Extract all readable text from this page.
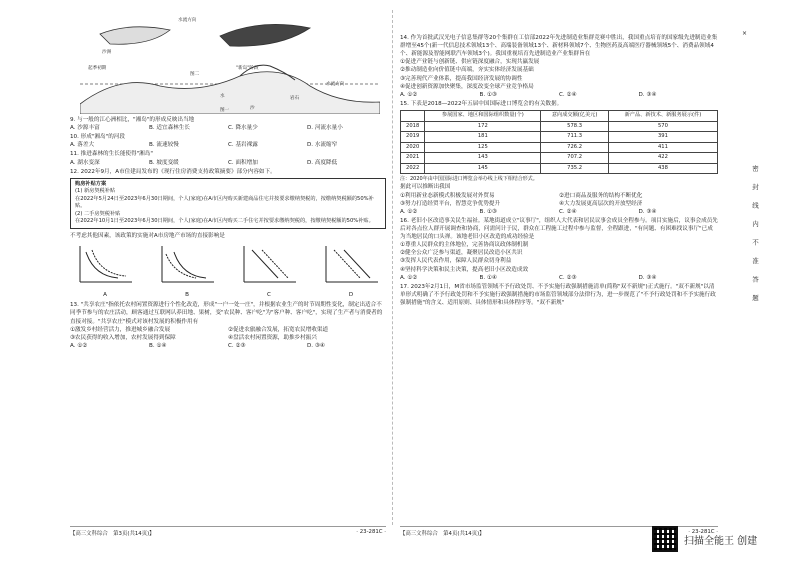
水流方向
沙洲
起季初期	"新岛"阶段
图二
水流方向
水
沙
岩石
图一
9. 与一般的江心洲相比，"湘岛"的形成反映出当地
A. 沙源丰富	B. 适宜森林生长	C. 降水量少	D. 河流水量小
10. 形成"湘岛"的河段
A. 落差大	B. 流速较慢	C. 基岩裸露	D. 水流缩窄
11. 推进森林的生长能使得"湘岛"
A. 湖水变深	B. 坡度变缓	C. 面积增加	D. 高度降低
12. 2022年9月，A市住建局发布的《现行住房消费支持政策摘要》部分内容如下。
购房补贴方案
(1) 新房契税补贴
在2022年5月24日至2023年6月30日期间，个人(家庭)在A市区内购买新建商品住宅并按要求缴纳契税的，按缴纳契税额的50%补贴。
(2) 二手房契税补贴
在2022年10月1日至2023年6月30日期间，个人(家庭)在A市区内购买二手住宅并按要求缴纳契税的，按缴纳契税额的50%补贴。
不考虑其他因素，该政策的实施对A市房地产市场的直接影响是
A	B	C	D
13. "共享农庄"指依托农村闲置资源进行个性化改造，形成"一户一处一庄"，并根据农业生产的时节周期性变化，制定出适合不同季节参与的农庄活动，顾客通过互联网认养田地、果树，变"农民种、客户吃"为"客户种、客户吃"，实现了生产者与消费者的直接对接。"共享农庄"模式对该村发展的积极作用有
①激发乡村经营活力，推进城乡融合发展	②促进农旅融合发展，拓宽农民增收渠道
③农民获得的收入增加，农村发展得到保障	④盘活农村闲置资源，助推乡村振兴
A. ①②	B. ①④	C. ②③	D. ③④
【高三文科综合　第3页(共14页)】	· 23-281C ·
14. 作为首批武汉光电子信息集群等20个集群在工信部2022年先进制造业集群竞赛中胜出，我国重点培育的国家级先进制造业集群增至45个(新一代信息技术领域13个、高端装备领域13个、新材料领域7个、生物医药及高端医疗器械领域5个、消费品领域4个、新能源及智能网联汽车领域3个)。我国重视培育先进制造业产业集群旨在
①促进产业链与创新链、供应链深度融合，实现共赢发展
②推动制造业向价值链中高端，夯实实体经济发展基础
③完善现代产业体系，提高我国经济发展的协调性
④促进创新资源加快聚集，深度改变全球产业竞争格局
A. ①②	B. ①③	C. ②④	D. ③④
15. 下表是2018—2022年五届中国国际进口博览会的有关数据。
	参展国家、地区和国际组织数量(个)	意向成交额(亿美元)	新产品、新技术、新服务展示(件)
2018	172	578.3	570
2019	181	711.3	391
2020	125	726.2	411
2021	143	707.2	422
2022	145	735.2	438
注：2020年由中国国际进口博览会举办线上线下相结合形式。
据此可以推断出我国
①利用新业态新模式积极发展对外贸易	②进口商品及服务的结构不断优化
③努力打造经贸平台，智慧竞争优势提升	④大力发展更高层次的开放型经济
A. ①②	B. ①③	C. ②④	D. ③④
16. 老旧小区改造事关民生福祉。某地街道成立"议事厅"，组织人大代表和居民议事会成员全程参与。项目实施后，议事会成员先后对各点位人群开展调查和协商，问需问计于民，群众在工程施工过程中参与监督，全程跟进，"有问题、有困难找议事厅"已成为当地居民的口头禅。该地老旧小区改造的成功经验是
①尊重人民群众的主体地位，完善协商议政体制机制
②健全公众广泛参与渠道，凝聚居民改造小区共识
③发挥人民代表作用，保障人民群众切身利益
④坚持科学决策和民主决策，提高老旧小区改造成效
A. ①②	B. ①④	C. ②③	D. ③④
17. 2023年2月1日，M省市场监管领域不予行政处罚、不予实施行政强制措施清单(简称"双不新规")正式施行。"双不新规"以清单形式明确了不予行政处罚和不予实施行政强制措施的市场监管领域部分法律行为，进一步规范了"不予行政处罚和不予实施行政强制措施"的含义、适用原则、具体情形和具体程序等。"双不新规"
【高三文科综合　第4页(共14页)】	· 23-281C ·
×
密封线内不准答题
扫描全能王 创建
